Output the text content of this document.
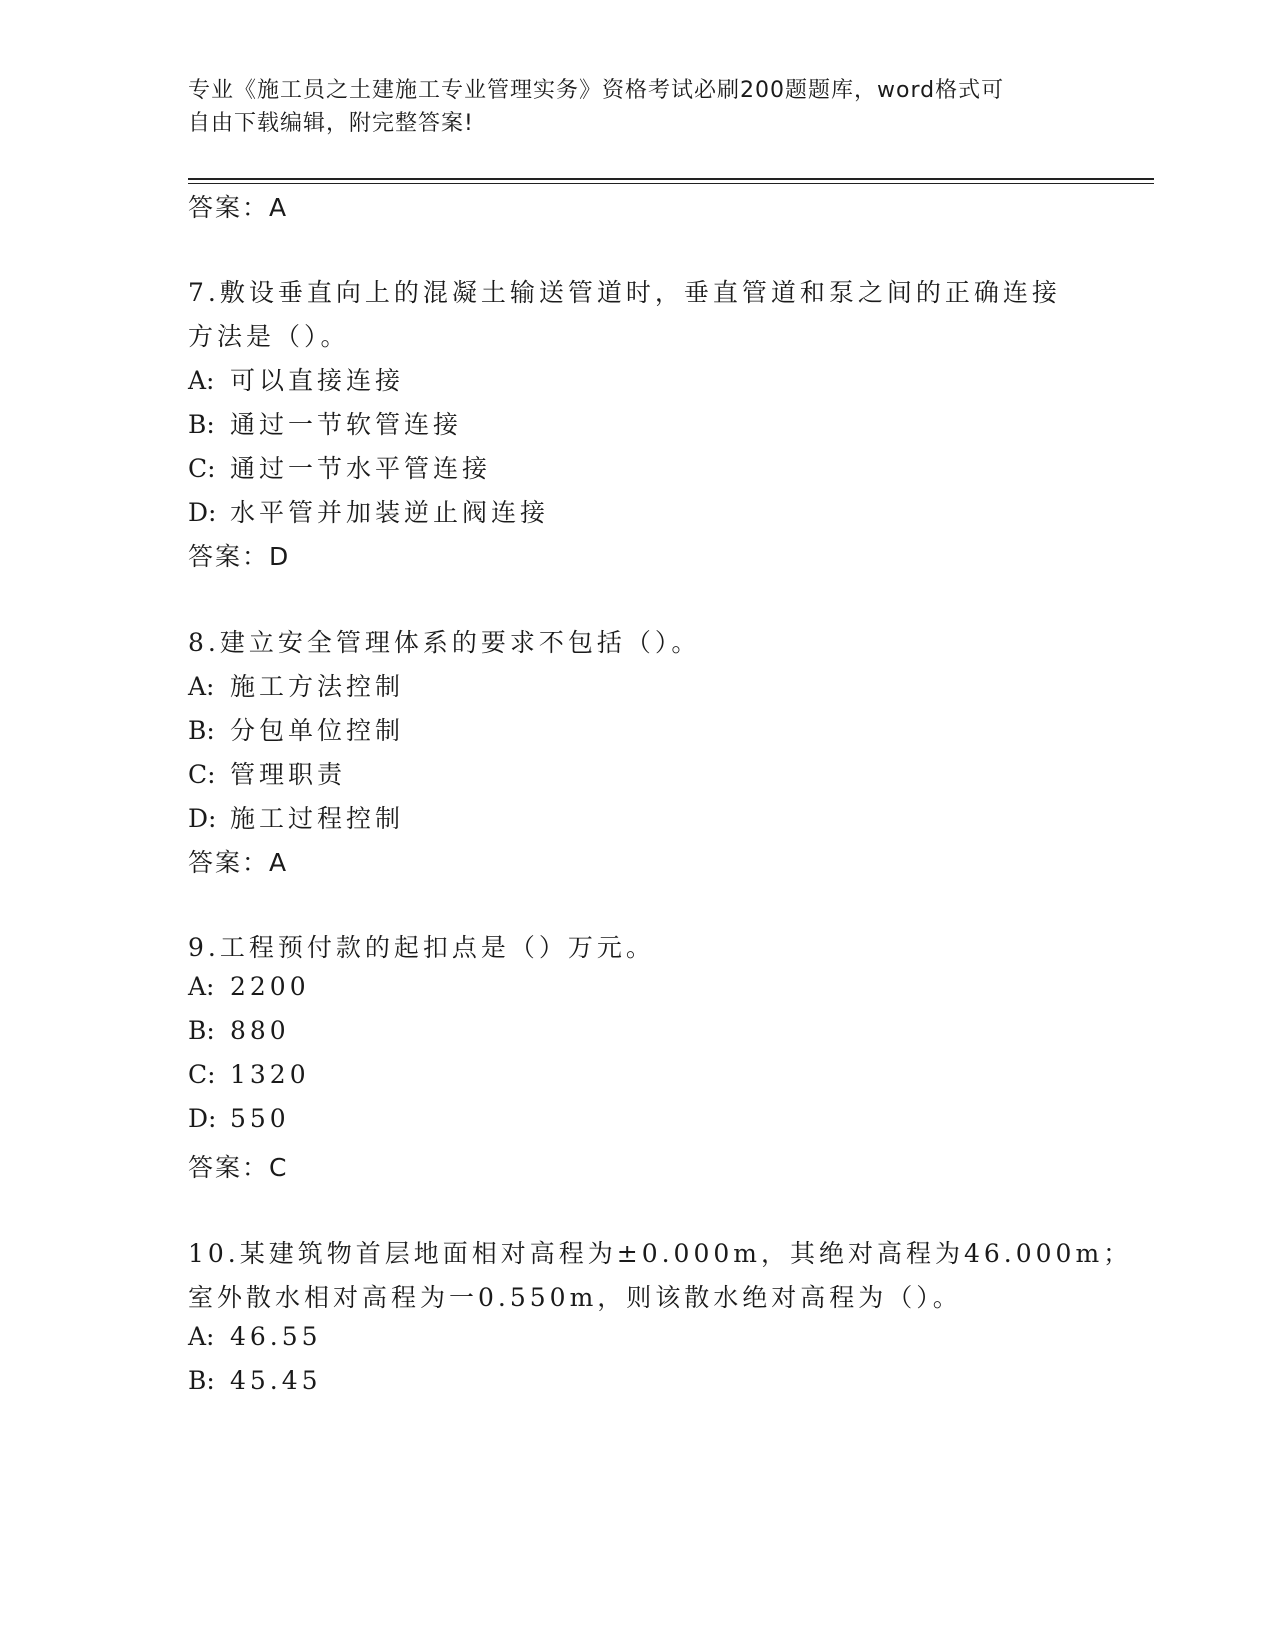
专业《施工员之土建施工专业管理实务》资格考试必刷200题题库，word格式可
自由下载编辑，附完整答案!
答案：A
7.敷设垂直向上的混凝土输送管道时，垂直管道和泵之间的正确连接
方法是（）。
A: 可以直接连接
B: 通过一节软管连接
C: 通过一节水平管连接
D: 水平管并加装逆止阀连接
答案：D
8.建立安全管理体系的要求不包括（）。
A: 施工方法控制
B: 分包单位控制
C: 管理职责
D: 施工过程控制
答案：A
9.工程预付款的起扣点是（）万元。
A: 2200
B: 880
C: 1320
D: 550
答案：C
10.某建筑物首层地面相对高程为±0.000m，其绝对高程为46.000m；
室外散水相对高程为一0.550m，则该散水绝对高程为（）。
A: 46.55
B: 45.45
